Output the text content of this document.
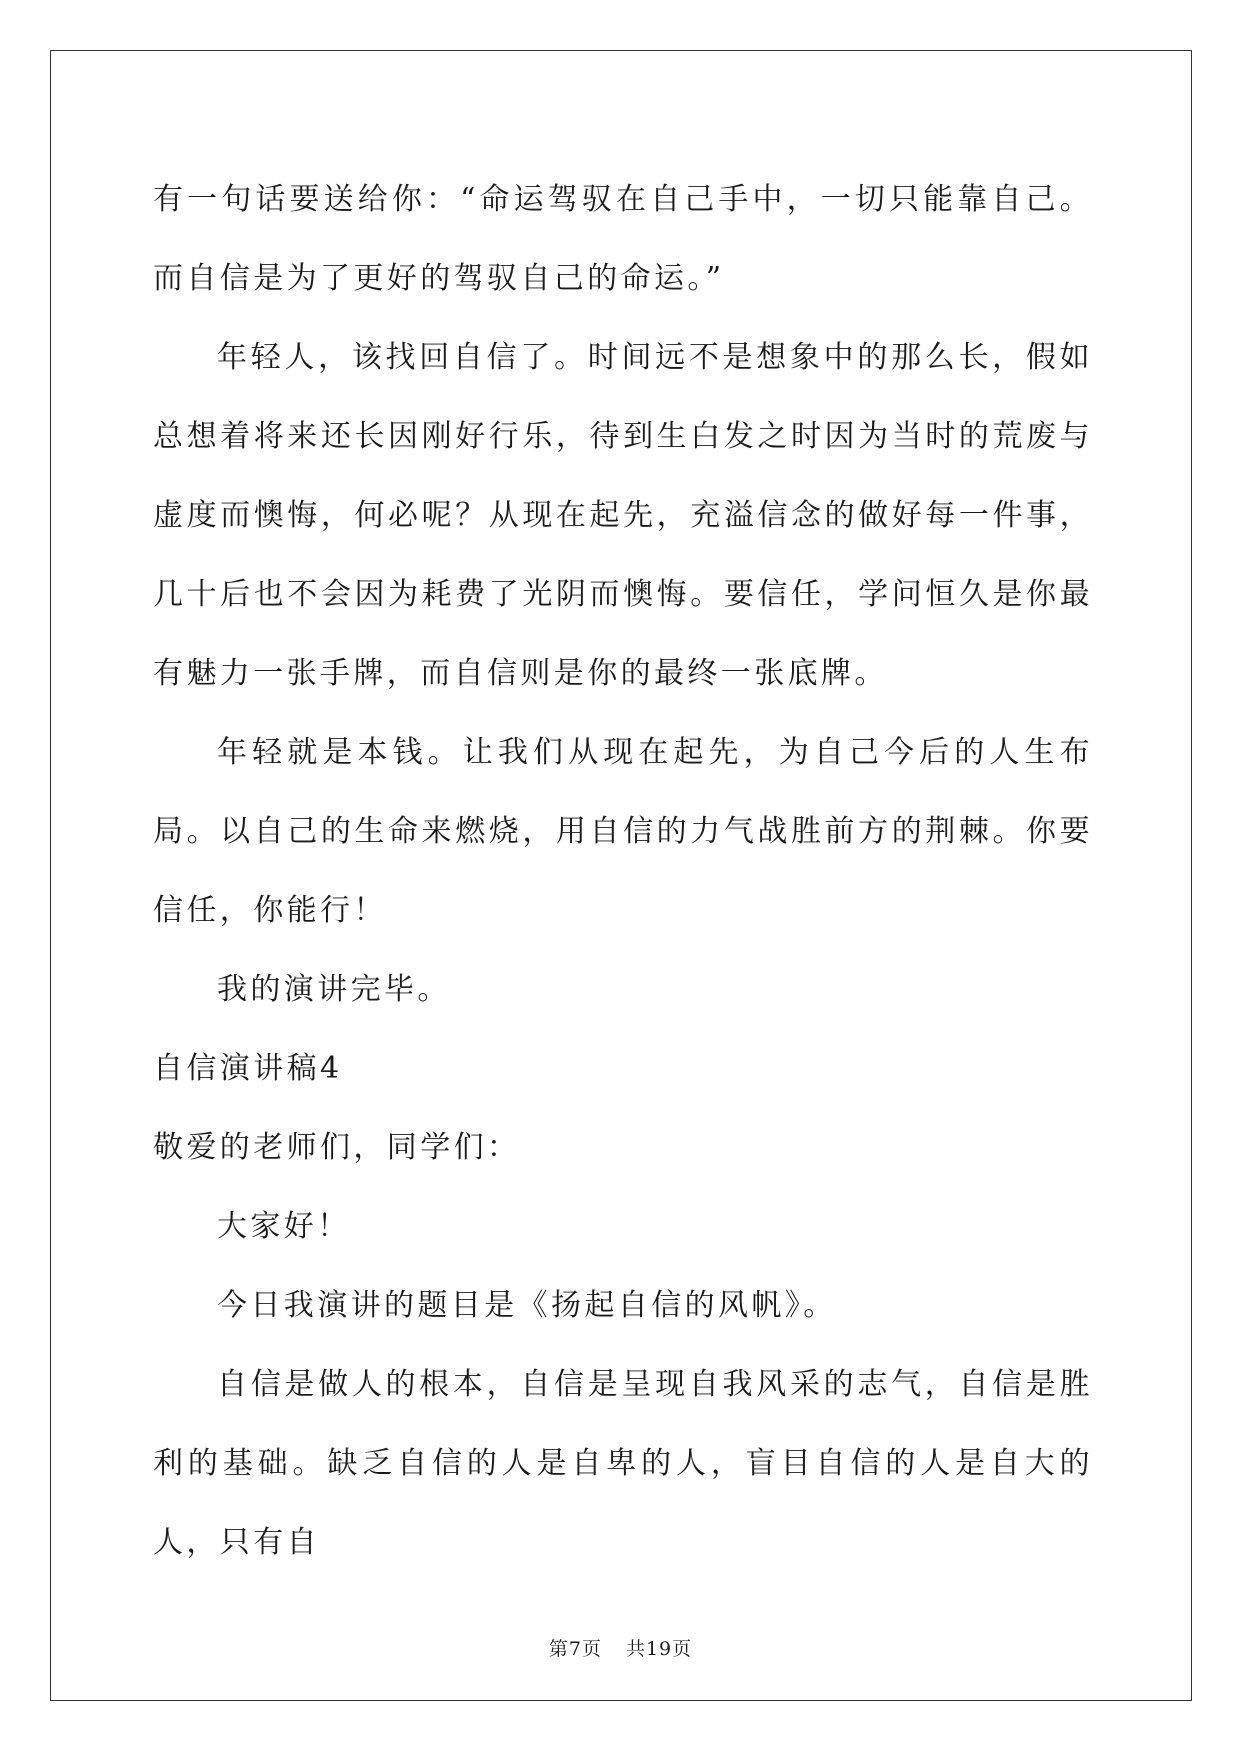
有一句话要送给你：“命运驾驭在自己手中，一切只能靠自己。而自信是为了更好的驾驭自己的命运。”

年轻人，该找回自信了。时间远不是想象中的那么长，假如总想着将来还长因刚好行乐，待到生白发之时因为当时的荒废与虚度而懊悔，何必呢？从现在起先，充溢信念的做好每一件事，几十后也不会因为耗费了光阴而懊悔。要信任，学问恒久是你最有魅力一张手牌，而自信则是你的最终一张底牌。

年轻就是本钱。让我们从现在起先，为自己今后的人生布局。以自己的生命来燃烧，用自信的力气战胜前方的荆棘。你要信任，你能行！

我的演讲完毕。

自信演讲稿4

敬爱的老师们，同学们：

大家好！

今日我演讲的题目是《扬起自信的风帆》。

自信是做人的根本，自信是呈现自我风采的志气，自信是胜利的基础。缺乏自信的人是自卑的人，盲目自信的人是自大的人，只有自

第7页 共19页
